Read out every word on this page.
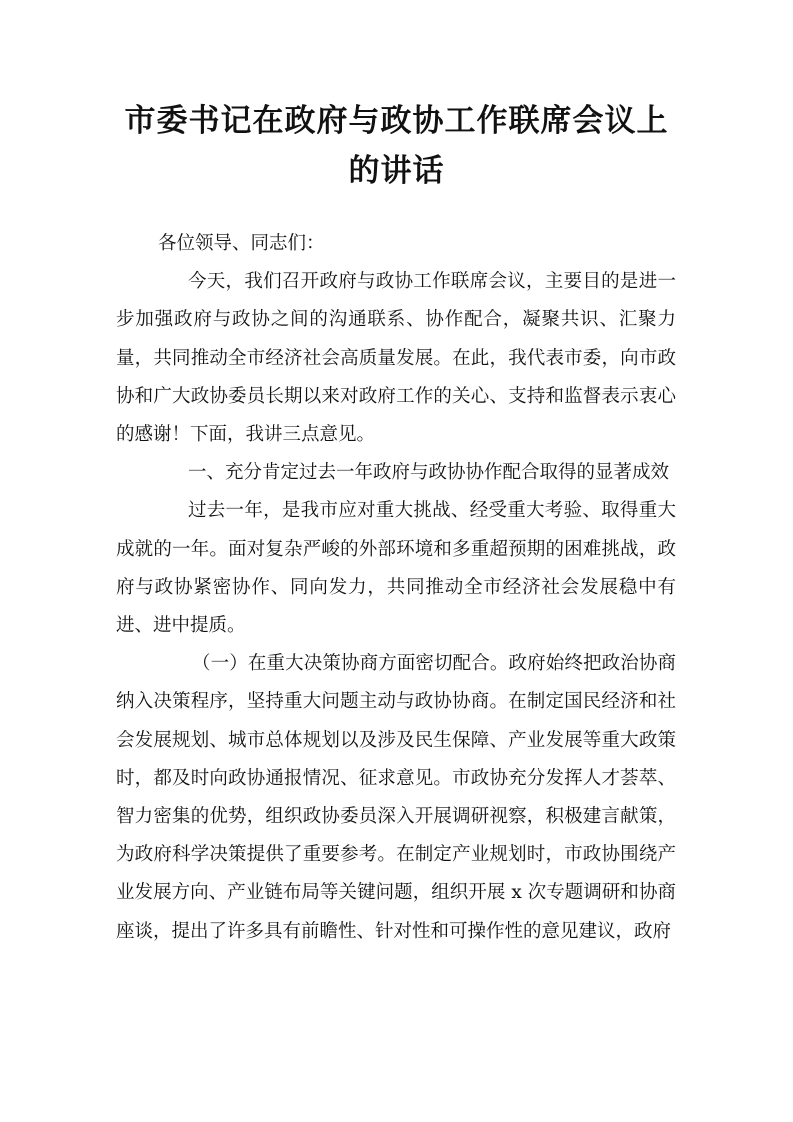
市委书记在政府与政协工作联席会议上的讲话

各位领导、同志们：

今天，我们召开政府与政协工作联席会议，主要目的是进一步加强政府与政协之间的沟通联系、协作配合，凝聚共识、汇聚力量，共同推动全市经济社会高质量发展。在此，我代表市委，向市政协和广大政协委员长期以来对政府工作的关心、支持和监督表示衷心的感谢！下面，我讲三点意见。

一、充分肯定过去一年政府与政协协作配合取得的显著成效

过去一年，是我市应对重大挑战、经受重大考验、取得重大成就的一年。面对复杂严峻的外部环境和多重超预期的困难挑战，政府与政协紧密协作、同向发力，共同推动全市经济社会发展稳中有进、进中提质。

（一）在重大决策协商方面密切配合。政府始终把政治协商纳入决策程序，坚持重大问题主动与政协协商。在制定国民经济和社会发展规划、城市总体规划以及涉及民生保障、产业发展等重大政策时，都及时向政协通报情况、征求意见。市政协充分发挥人才荟萃、智力密集的优势，组织政协委员深入开展调研视察，积极建言献策，为政府科学决策提供了重要参考。在制定产业规划时，市政协围绕产业发展方向、产业链布局等关键问题，组织开展 x 次专题调研和协商座谈，提出了许多具有前瞻性、针对性和可操作性的意见建议，政府
